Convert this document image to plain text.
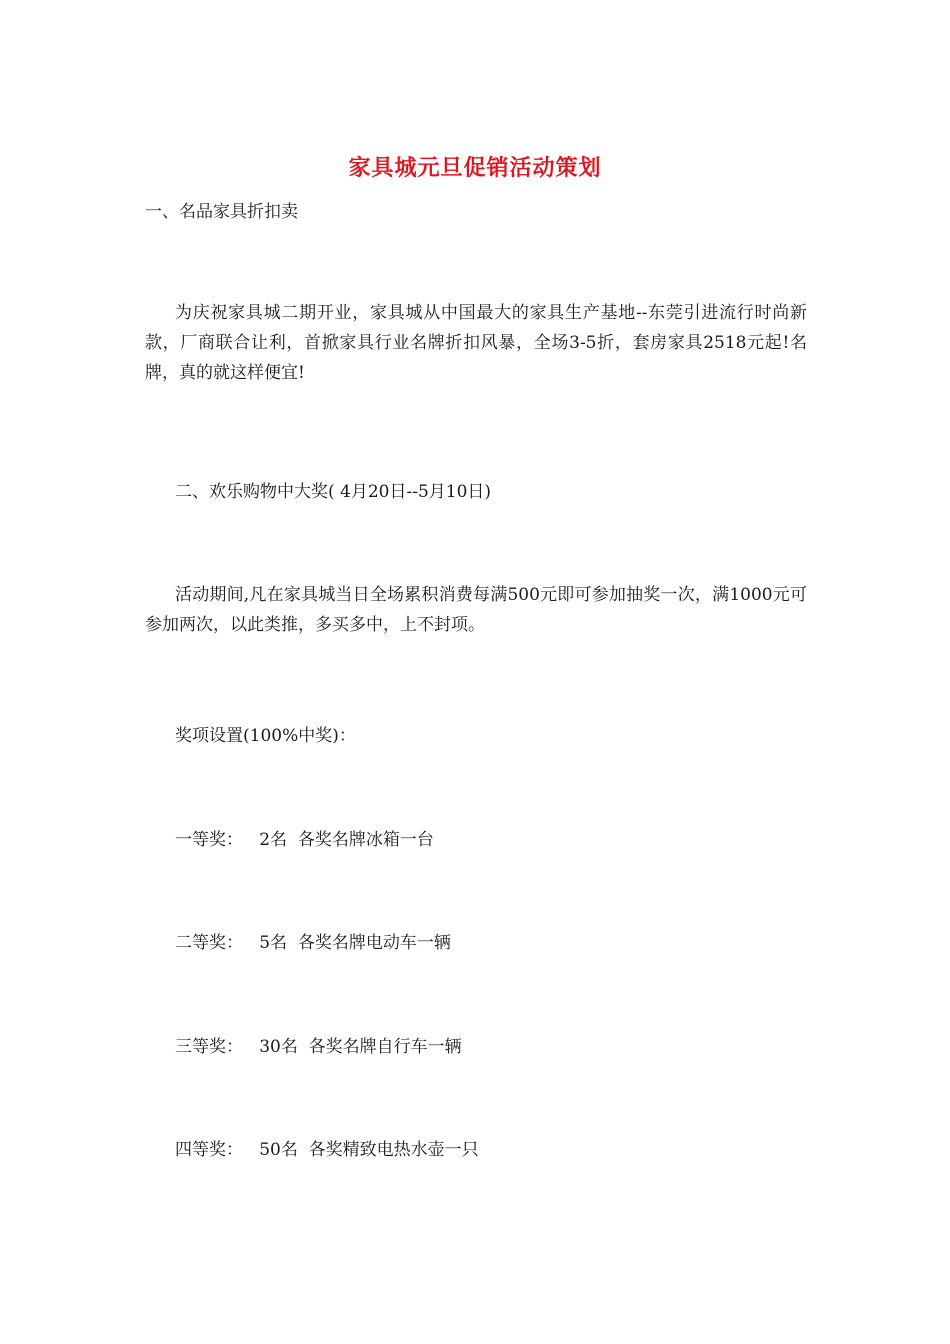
家具城元旦促销活动策划
一、名品家具折扣卖

为庆祝家具城二期开业，家具城从中国最大的家具生产基地--东莞引进流行时尚新款，厂商联合让利，首掀家具行业名牌折扣风暴，全场3-5折，套房家具2518元起!名牌，真的就这样便宜!

二、欢乐购物中大奖( 4月20日--5月10日)

活动期间,凡在家具城当日全场累积消费每满500元即可参加抽奖一次，满1000元可参加两次，以此类推，多买多中，上不封项。

奖项设置(100%中奖)：
一等奖： 2名 各奖名牌冰箱一台
二等奖： 5名 各奖名牌电动车一辆
三等奖： 30名 各奖名牌自行车一辆
四等奖： 50名 各奖精致电热水壶一只
